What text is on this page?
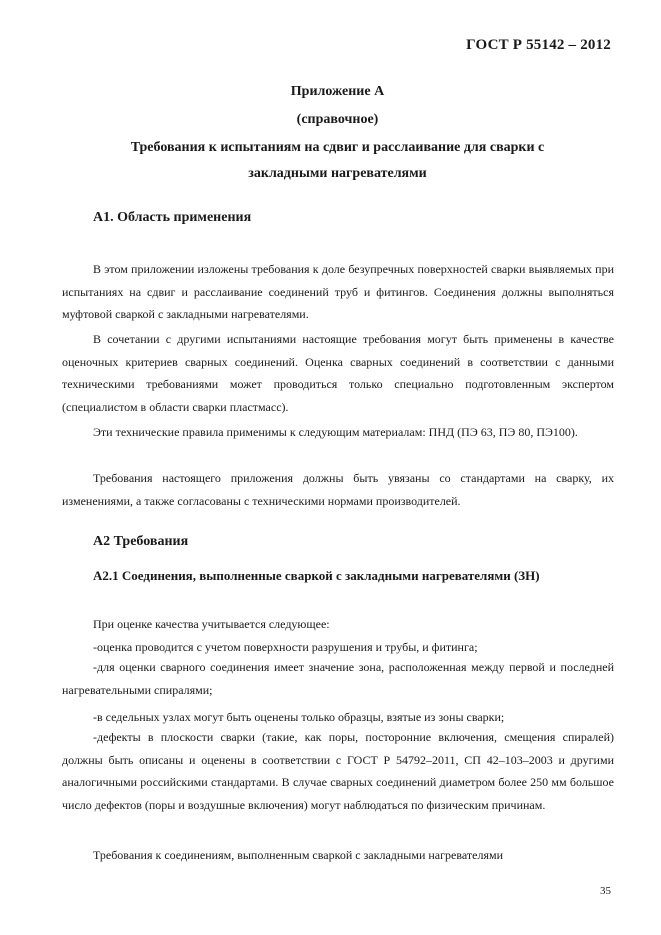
ГОСТ Р 55142 – 2012
Приложение А
(справочное)
Требования к испытаниям на сдвиг и расслаивание для сварки с
закладными нагревателями
А1. Область применения

В этом приложении изложены требования к доле безупречных поверхностей сварки выявляемых при испытаниях на сдвиг и расслаивание соединений труб и фитингов. Соединения должны выполняться муфтовой сваркой с закладными нагревателями.

В сочетании с другими испытаниями настоящие требования могут быть применены в качестве оценочных критериев сварных соединений. Оценка сварных соединений в соответствии с данными техническими требованиями может проводиться только специально подготовленным экспертом (специалистом в области сварки пластмасс).

Эти технические правила применимы к следующим материалам: ПНД (ПЭ 63, ПЭ 80, ПЭ100).

Требования настоящего приложения должны быть увязаны со стандартами на сварку, их изменениями, а также согласованы с техническими нормами производителей.

А2 Требования
А2.1 Соединения, выполненные сваркой с закладными нагревателями (ЗН)
При оценке качества учитывается следующее:
-оценка проводится с учетом поверхности разрушения и трубы, и фитинга;

-для оценки сварного соединения имеет значение зона, расположенная между первой и последней нагревательными спиралями;

-в седельных узлах могут быть оценены только образцы, взятые из зоны сварки;

-дефекты в плоскости сварки (такие, как поры, посторонние включения, смещения спиралей) должны быть описаны и оценены в соответствии с ГОСТ Р 54792–2011, СП 42–103–2003 и другими аналогичными российскими стандартами. В случае сварных соединений диаметром более 250 мм большое число дефектов (поры и воздушные включения) могут наблюдаться по физическим причинам.

Требования к соединениям, выполненным сваркой с закладными нагревателями
35
